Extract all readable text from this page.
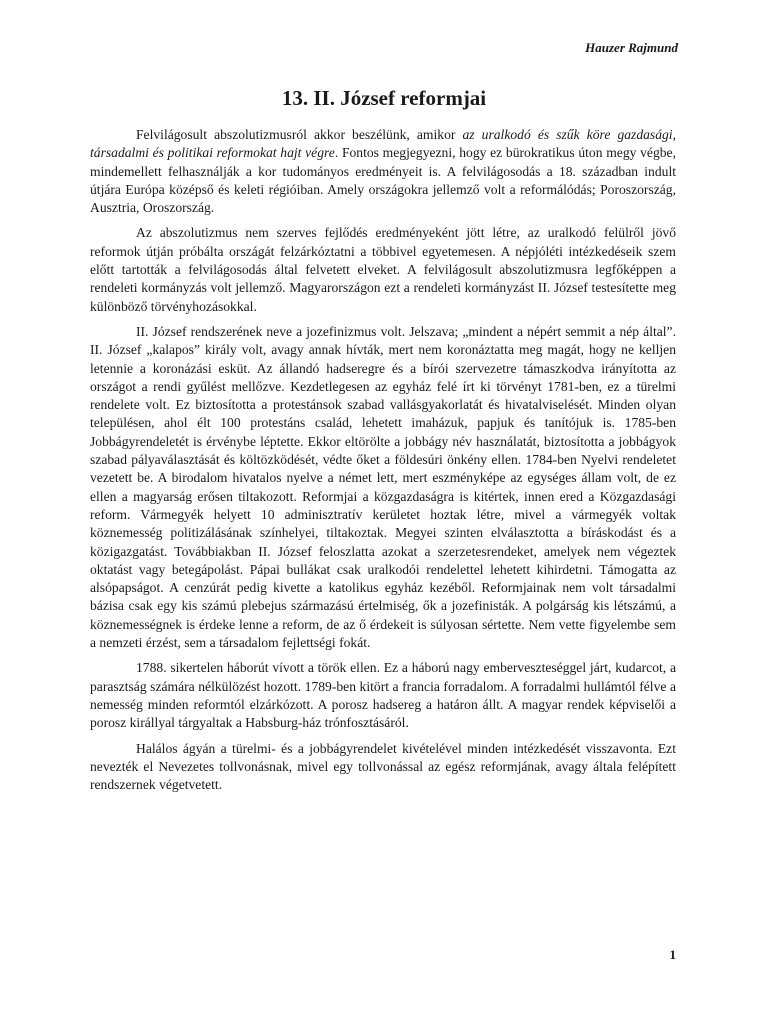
Hauzer Rajmund
13. II. József reformjai

Felvilágosult abszolutizmusról akkor beszélünk, amikor az uralkodó és szűk köre gazdasági, társadalmi és politikai reformokat hajt végre. Fontos megjegyezni, hogy ez bürokratikus úton megy végbe, mindemellett felhasználják a kor tudományos eredményeit is. A felvilágosodás a 18. században indult útjára Európa középső és keleti régióiban. Amely országokra jellemző volt a reformálódás; Poroszország, Ausztria, Oroszország.

Az abszolutizmus nem szerves fejlődés eredményeként jött létre, az uralkodó felülről jövő reformok útján próbálta országát felzárkóztatni a többivel egyetemesen. A népjóléti intézkedéseik szem előtt tartották a felvilágosodás által felvetett elveket. A felvilágosult abszolutizmusra legfőképpen a rendeleti kormányzás volt jellemző. Magyarországon ezt a rendeleti kormányzást II. József testesítette meg különböző törvényhozásokkal.

II. József rendszerének neve a jozefinizmus volt. Jelszava; „mindent a népért semmit a nép által”. II. József „kalapos” király volt, avagy annak hívták, mert nem koronáztatta meg magát, hogy ne kelljen letennie a koronázási esküt. Az állandó hadseregre és a bírói szervezetre támaszkodva irányította az országot a rendi gyűlést mellőzve. Kezdetlegesen az egyház felé írt ki törvényt 1781-ben, ez a türelmi rendelete volt. Ez biztosította a protestánsok szabad vallásgyakorlatát és hivatalviselését. Minden olyan településen, ahol élt 100 protestáns család, lehetett imaházuk, papjuk és tanítójuk is. 1785-ben Jobbágyrendeletét is érvénybe léptette. Ekkor eltörölte a jobbágy név használatát, biztosította a jobbágyok szabad pályaválasztását és költözködését, védte őket a földesúri önkény ellen. 1784-ben Nyelvi rendeletet vezetett be. A birodalom hivatalos nyelve a német lett, mert eszményképe az egységes állam volt, de ez ellen a magyarság erősen tiltakozott. Reformjai a közgazdaságra is kitértek, innen ered a Közgazdasági reform. Vármegyék helyett 10 adminisztratív kerületet hoztak létre, mivel a vármegyék voltak köznemesség politizálásának színhelyei, tiltakoztak. Megyei szinten elválasztotta a bíráskodást és a közigazgatást. Továbbiakban II. József feloszlatta azokat a szerzetesrendeket, amelyek nem végeztek oktatást vagy betegápolást. Pápai bullákat csak uralkodói rendelettel lehetett kihirdetni. Támogatta az alsópapságot. A cenzúrát pedig kivette a katolikus egyház kezéből. Reformjainak nem volt társadalmi bázisa csak egy kis számú plebejus származású értelmiség, ők a jozefinisták. A polgárság kis létszámú, a köznemességnek is érdeke lenne a reform, de az ő érdekeit is súlyosan sértette. Nem vette figyelembe sem a nemzeti érzést, sem a társadalom fejlettségi fokát.

1788. sikertelen háborút vívott a török ellen. Ez a háború nagy emberveszteséggel járt, kudarcot, a parasztság számára nélkülözést hozott. 1789-ben kitört a francia forradalom. A forradalmi hullámtól félve a nemesség minden reformtól elzárkózott. A porosz hadsereg a határon állt. A magyar rendek képviselői a porosz királlyal tárgyaltak a Habsburg-ház trónfosztásáról.

Halálos ágyán a türelmi- és a jobbágyrendelet kivételével minden intézkedését visszavonta. Ezt nevezték el Nevezetes tollvonásnak, mivel egy tollvonással az egész reformjának, avagy általa felépített rendszernek végetvetett.

1
